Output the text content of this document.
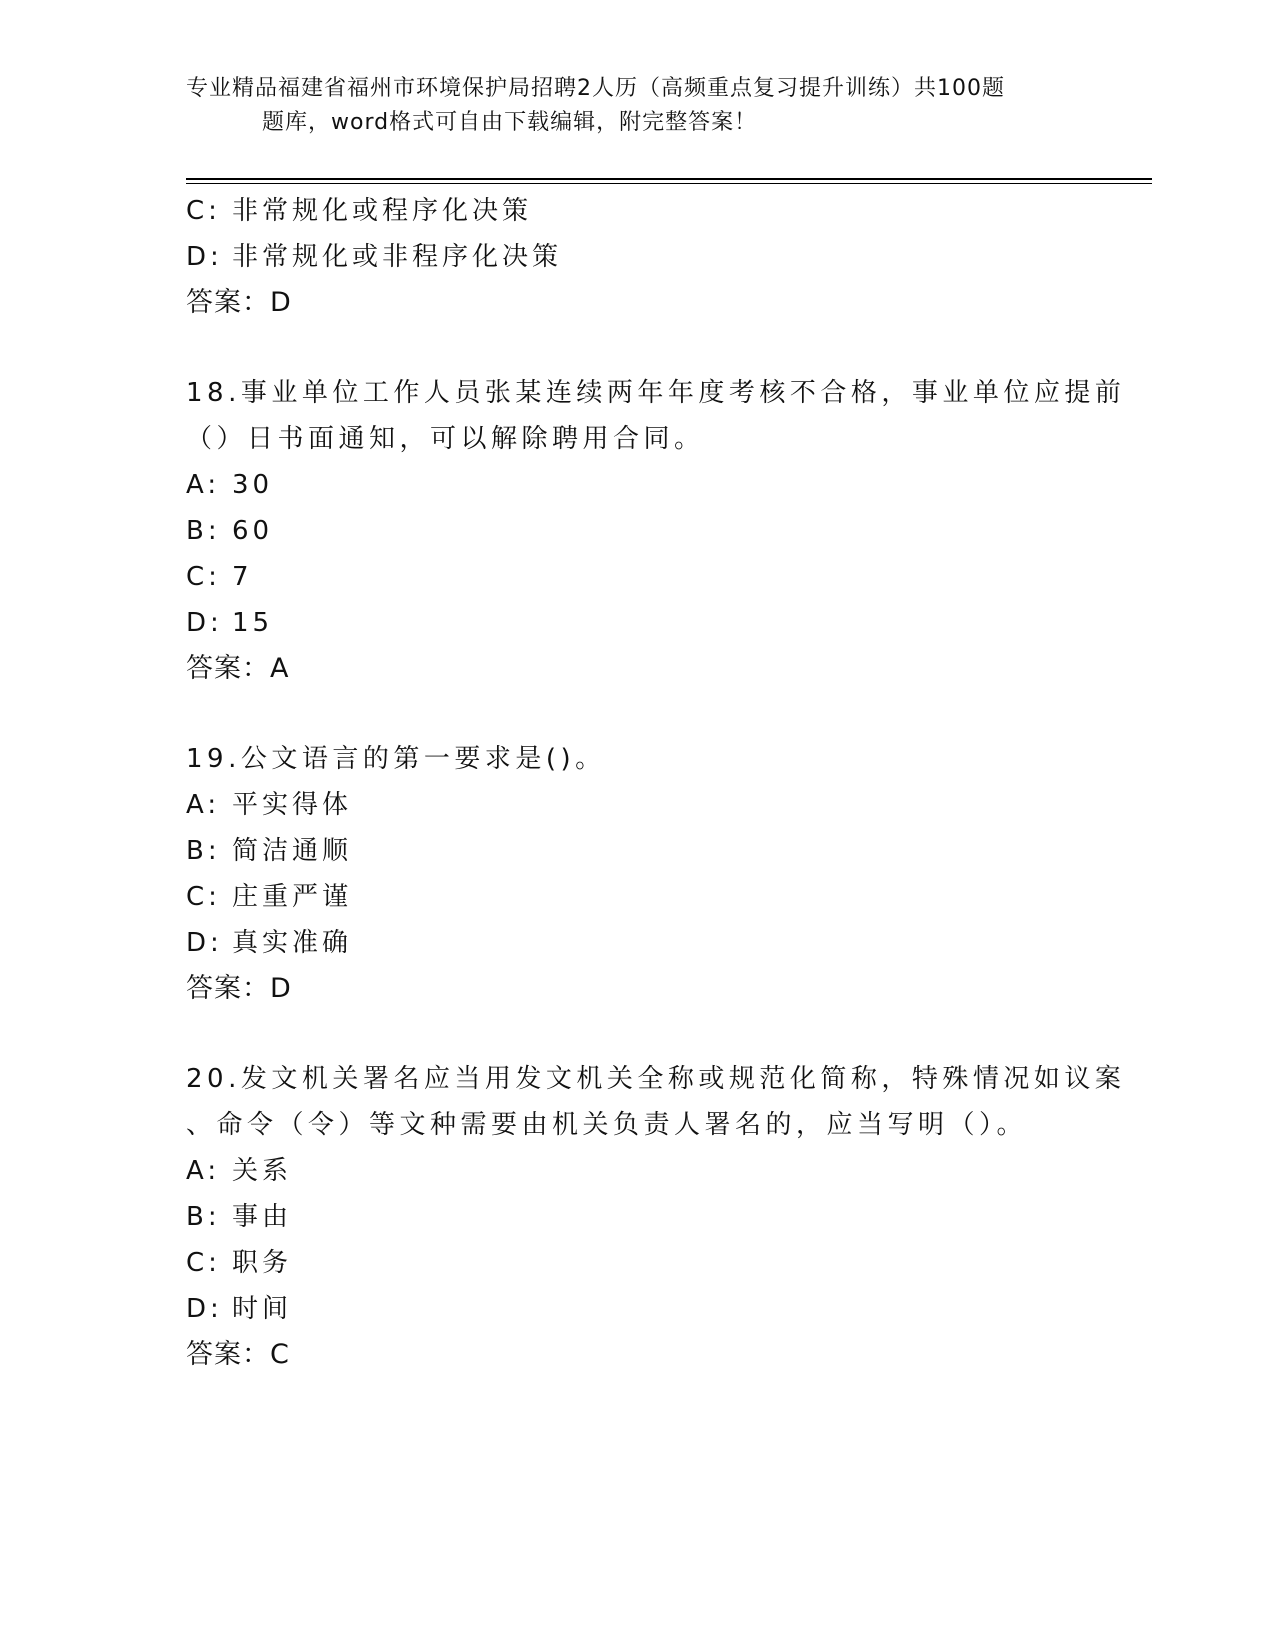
专业精品福建省福州市环境保护局招聘2人历（高频重点复习提升训练）共100题
题库，word格式可自由下载编辑，附完整答案！
C: 非常规化或程序化决策
D: 非常规化或非程序化决策
答案：D
18.事业单位工作人员张某连续两年年度考核不合格，事业单位应提前
（）日书面通知，可以解除聘用合同。
A: 30
B: 60
C: 7
D: 15
答案：A
19.公文语言的第一要求是()。
A: 平实得体
B: 简洁通顺
C: 庄重严谨
D: 真实准确
答案：D
20.发文机关署名应当用发文机关全称或规范化简称，特殊情况如议案
、命令（令）等文种需要由机关负责人署名的，应当写明（）。
A: 关系
B: 事由
C: 职务
D: 时间
答案：C
